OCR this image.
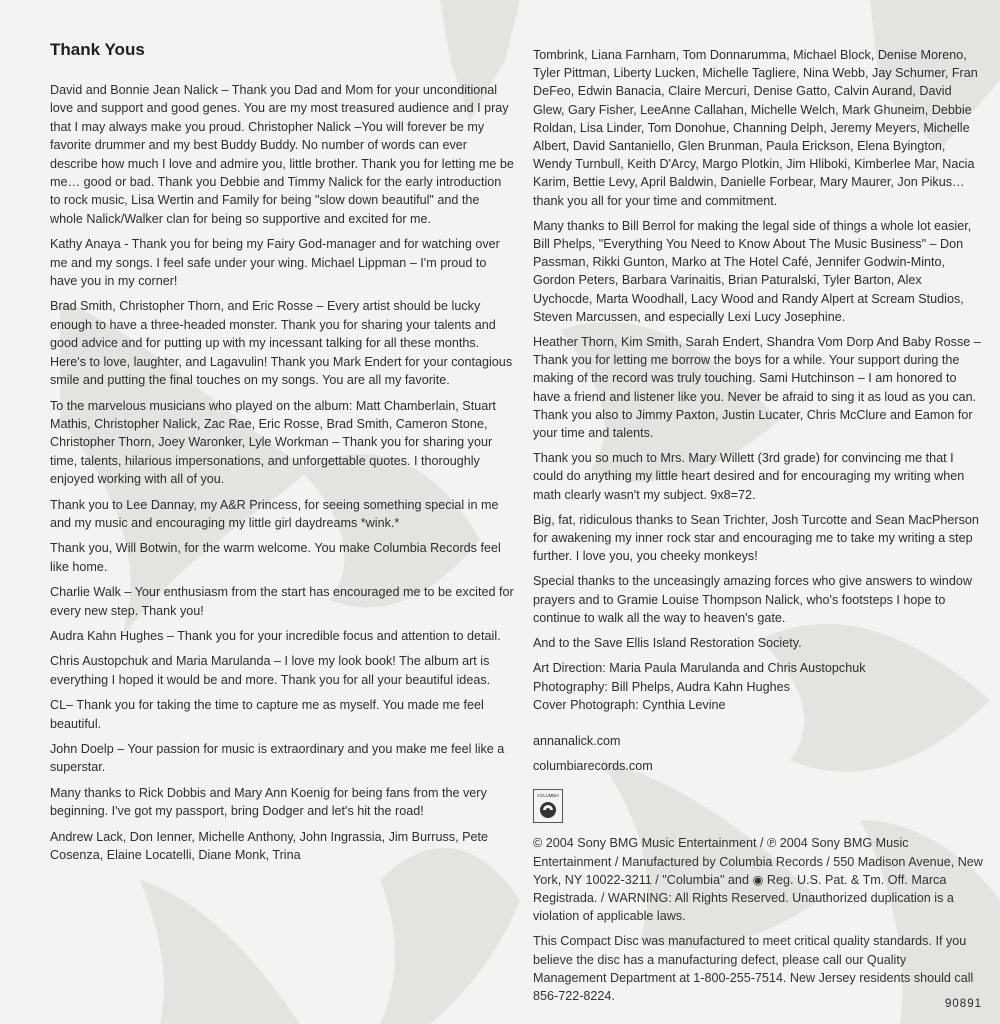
Thank Yous

David and Bonnie Jean Nalick – Thank you Dad and Mom for your unconditional love and support and good genes. You are my most treasured audience and I pray that I may always make you proud. Christopher Nalick –You will forever be my favorite drummer and my best Buddy Buddy. No number of words can ever describe how much I love and admire you, little brother. Thank you for letting me be me… good or bad. Thank you Debbie and Timmy Nalick for the early introduction to rock music, Lisa Wertin and Family for being "slow down beautiful" and the whole Nalick/Walker clan for being so supportive and excited for me.

Kathy Anaya - Thank you for being my Fairy God-manager and for watching over me and my songs. I feel safe under your wing. Michael Lippman – I'm proud to have you in my corner!

Brad Smith, Christopher Thorn, and Eric Rosse – Every artist should be lucky enough to have a three-headed monster. Thank you for sharing your talents and good advice and for putting up with my incessant talking for all these months. Here's to love, laughter, and Lagavulin! Thank you Mark Endert for your contagious smile and putting the final touches on my songs. You are all my favorite.

To the marvelous musicians who played on the album: Matt Chamberlain, Stuart Mathis, Christopher Nalick, Zac Rae, Eric Rosse, Brad Smith, Cameron Stone, Christopher Thorn, Joey Waronker, Lyle Workman – Thank you for sharing your time, talents, hilarious impersonations, and unforgettable quotes. I thoroughly enjoyed working with all of you.

Thank you to Lee Dannay, my A&R Princess, for seeing something special in me and my music and encouraging my little girl daydreams *wink.*

Thank you, Will Botwin, for the warm welcome. You make Columbia Records feel like home.

Charlie Walk – Your enthusiasm from the start has encouraged me to be excited for every new step. Thank you!

Audra Kahn Hughes – Thank you for your incredible focus and attention to detail.

Chris Austopchuk and Maria Marulanda – I love my look book! The album art is everything I hoped it would be and more. Thank you for all your beautiful ideas.

CL– Thank you for taking the time to capture me as myself. You made me feel beautiful.

John Doelp – Your passion for music is extraordinary and you make me feel like a superstar.

Many thanks to Rick Dobbis and Mary Ann Koenig for being fans from the very beginning. I've got my passport, bring Dodger and let's hit the road!

Andrew Lack, Don Ienner, Michelle Anthony, John Ingrassia, Jim Burruss, Pete Cosenza, Elaine Locatelli, Diane Monk, Trina

Tombrink, Liana Farnham, Tom Donnarumma, Michael Block, Denise Moreno, Tyler Pittman, Liberty Lucken, Michelle Tagliere, Nina Webb, Jay Schumer, Fran DeFeo, Edwin Banacia, Claire Mercuri, Denise Gatto, Calvin Aurand, David Glew, Gary Fisher, LeeAnne Callahan, Michelle Welch, Mark Ghuneim, Debbie Roldan, Lisa Linder, Tom Donohue, Channing Delph, Jeremy Meyers, Michelle Albert, David Santaniello, Glen Brunman, Paula Erickson, Elena Byington, Wendy Turnbull, Keith D'Arcy, Margo Plotkin, Jim Hliboki, Kimberlee Mar, Nacia Karim, Bettie Levy, April Baldwin, Danielle Forbear, Mary Maurer, Jon Pikus… thank you all for your time and commitment.

Many thanks to Bill Berrol for making the legal side of things a whole lot easier, Bill Phelps, "Everything You Need to Know About The Music Business" – Don Passman, Rikki Gunton, Marko at The Hotel Café, Jennifer Godwin-Minto, Gordon Peters, Barbara Varinaitis, Brian Paturalski, Tyler Barton, Alex Uychocde, Marta Woodhall, Lacy Wood and Randy Alpert at Scream Studios, Steven Marcussen, and especially Lexi Lucy Josephine.

Heather Thorn, Kim Smith, Sarah Endert, Shandra Vom Dorp And Baby Rosse – Thank you for letting me borrow the boys for a while. Your support during the making of the record was truly touching. Sami Hutchinson – I am honored to have a friend and listener like you. Never be afraid to sing it as loud as you can. Thank you also to Jimmy Paxton, Justin Lucater, Chris McClure and Eamon for your time and talents.

Thank you so much to Mrs. Mary Willett (3rd grade) for convincing me that I could do anything my little heart desired and for encouraging my writing when math clearly wasn't my subject. 9x8=72.

Big, fat, ridiculous thanks to Sean Trichter, Josh Turcotte and Sean MacPherson for awakening my inner rock star and encouraging me to take my writing a step further. I love you, you cheeky monkeys!

Special thanks to the unceasingly amazing forces who give answers to window prayers and to Gramie Louise Thompson Nalick, who's footsteps I hope to continue to walk all the way to heaven's gate.

And to the Save Ellis Island Restoration Society.

Art Direction: Maria Paula Marulanda and Chris Austopchuk

Photography: Bill Phelps, Audra Kahn Hughes

Cover Photograph: Cynthia Levine

annanalick.com

columbiarecords.com

COLUMBIA

© 2004 Sony BMG Music Entertainment / ℗ 2004 Sony BMG Music Entertainment / Manufactured by Columbia Records / 550 Madison Avenue, New York, NY 10022-3211 / "Columbia" and ◉ Reg. U.S. Pat. & Tm. Off. Marca Registrada. / WARNING: All Rights Reserved. Unauthorized duplication is a violation of applicable laws.

This Compact Disc was manufactured to meet critical quality standards. If you believe the disc has a manufacturing defect, please call our Quality Management Department at 1-800-255-7514. New Jersey residents should call 856-722-8224.

90891
